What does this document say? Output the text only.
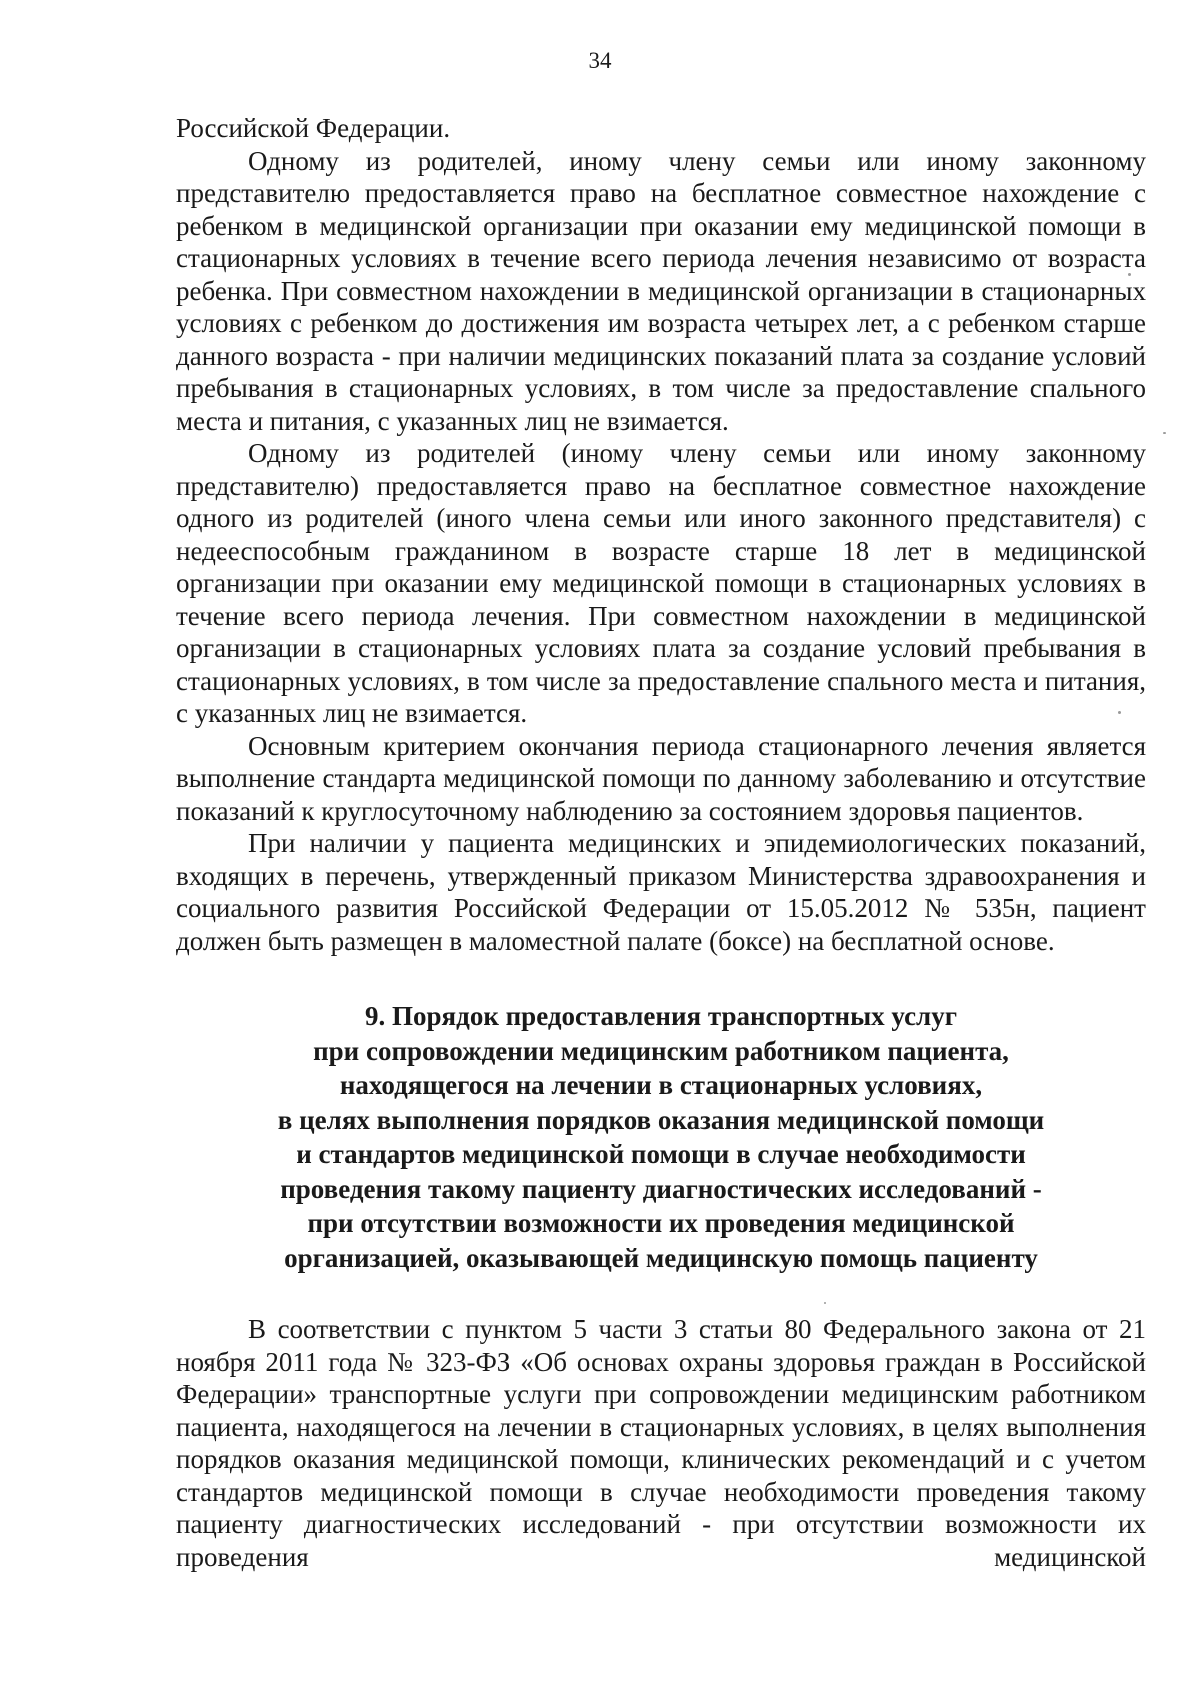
34

Российской Федерации.

Одному из родителей, иному члену семьи или иному законному представителю предоставляется право на бесплатное совместное нахождение с ребенком в медицинской организации при оказании ему медицинской помощи в стационарных условиях в течение всего периода лечения независимо от возраста ребенка. При совместном нахождении в медицинской организации в стационарных условиях с ребенком до достижения им возраста четырех лет, а с ребенком старше данного возраста - при наличии медицинских показаний плата за создание условий пребывания в стационарных условиях, в том числе за предоставление спального места и питания, с указанных лиц не взимается.

Одному из родителей (иному члену семьи или иному законному представителю) предоставляется право на бесплатное совместное нахождение одного из родителей (иного члена семьи или иного законного представителя) с недееспособным гражданином в возрасте старше 18 лет в медицинской организации при оказании ему медицинской помощи в стационарных условиях в течение всего периода лечения. При совместном нахождении в медицинской организации в стационарных условиях плата за создание условий пребывания в стационарных условиях, в том числе за предоставление спального места и питания, с указанных лиц не взимается.

Основным критерием окончания периода стационарного лечения является выполнение стандарта медицинской помощи по данному заболеванию и отсутствие показаний к круглосуточному наблюдению за состоянием здоровья пациентов.

При наличии у пациента медицинских и эпидемиологических показаний, входящих в перечень, утвержденный приказом Министерства здравоохранения и социального развития Российской Федерации от 15.05.2012 № 535н, пациент должен быть размещен в маломестной палате (боксе) на бесплатной основе.

9. Порядок предоставления транспортных услуг
при сопровождении медицинским работником пациента,
находящегося на лечении в стационарных условиях,
в целях выполнения порядков оказания медицинской помощи
и стандартов медицинской помощи в случае необходимости
проведения такому пациенту диагностических исследований -
при отсутствии возможности их проведения медицинской
организацией, оказывающей медицинскую помощь пациенту

В соответствии с пунктом 5 части 3 статьи 80 Федерального закона от 21 ноября 2011 года № 323-ФЗ «Об основах охраны здоровья граждан в Российской Федерации» транспортные услуги при сопровождении медицинским работником пациента, находящегося на лечении в стационарных условиях, в целях выполнения порядков оказания медицинской помощи, клинических рекомендаций и с учетом стандартов медицинской помощи в случае необходимости проведения такому пациенту диагностических исследований - при отсутствии возможности их проведения медицинской
